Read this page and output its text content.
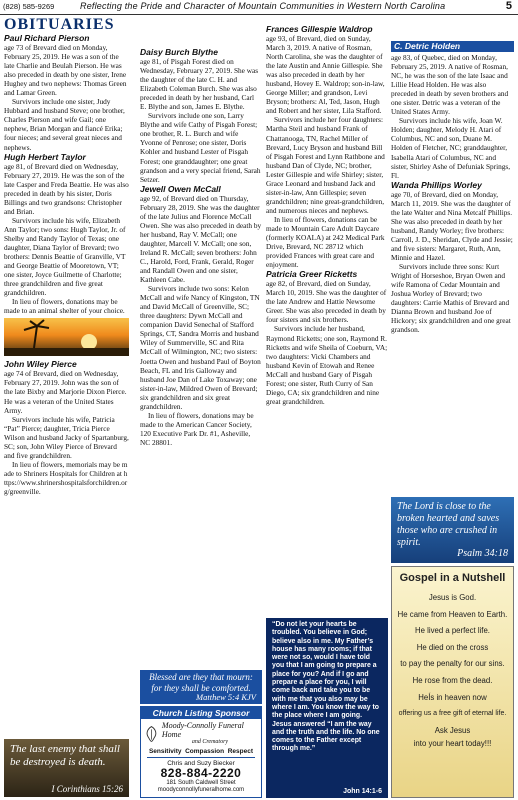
(828) 585-9269	Reflecting the Pride and Character of Mountain Communities in Western North Carolina	5
OBITUARIES

Paul Richard Pierson

age 73 of Brevard died on Monday, February 25, 2019. He was a son of the late Charlie and Beulah Pierson. He was also preceded in death by one sister, Irene Hughey and two nephews: Thomas Green and Lamar Green.

Survivors include one sister, Judy Hubbard and husband Steve; one brother, Charles Pierson and wife Gail; one nephew, Brian Morgan and fiancé Erika; four nieces; and several great nieces and nephews.

Hugh Herbert Taylor

age 81, of Brevard died on Wednesday, February 27, 2019. He was the son of the late Casper and Freda Beattie. He was also preceded in death by his sister, Doris Billings and two grandsons: Christopher and Brian.

Survivors include his wife, Elizabeth Ann Taylor; two sons: Hugh Taylor, Jr. of Shelby and Randy Taylor of Texas; one daughter, Diana Taylor of Brevard; two brothers: Dennis Beattie of Granville, VT and George Beattie of Mooretown, VT; one sister, Joyce Guilmette of Charlotte; three grandchildren and five great grandchildren.

In lieu of flowers, donations may be made to an animal shelter of your choice.

John Wiley Pierce

age 74 of Brevard, died on Wednesday, February 27, 2019. John was the son of the late Bixby and Marjorie Dixon Pierce. He was a veteran of the United States Army.

Survivors include his wife, Patricia “Pat” Pierce; daughter, Tricia Pierce Wilson and husband Jacky of Spartanburg, SC; son, John Wiley Pierce of Brevard and five grandchildren.

In lieu of flowers, memorials may be made to Shriners Hospitals for Children at https://www.shrinershospitalsforchildren.org/greenville.

The last enemy that shall be destroyed is death.
I Corinthians 15:26

Daisy Burch Blythe

age 81, of Pisgah Forest died on Wednesday, February 27, 2019. She was the daughter of the late C. H. and Elizabeth Coleman Burch. She was also preceded in death by her husband, Carl E. Blythe and son, James E. Blythe.

Survivors include one son, Larry Blythe and wife Cathy of Pisgah Forest; one brother, R. L. Burch and wife Yvonne of Penrose; one sister, Doris Kohler and husband Lester of Pisgah Forest; one granddaughter; one great grandson and a very special friend, Sarah Setzer.

Jewell Owen McCall

age 92, of Brevard died on Thursday, February 28, 2019. She was the daughter of the late Julius and Florence McCall Owen. She was also preceded in death by her husband, Ray V. McCall; one daughter, Marcell V. McCall; one son, Ireland R. McCall; seven brothers: John C., Harold, Ford, Frank, Gerald, Roger and Randall Owen and one sister, Kathleen Cabe.

Survivors include two sons: Kelon McCall and wife Nancy of Kingston, TN and David McCall of Greenville, SC; three daughters: Dywn McCall and companion David Senechal of Stafford Springs, CT, Sandra Morris and husband Wiley of Summerville, SC and Rita McCall of Wilmington, NC; two sisters: Joetta Owen and husband Paul of Boyton Beach, FL and Iris Galloway and husband Joe Dan of Lake Toxaway; one sister-in-law, Mildred Owen of Brevard; six grandchildren and six great grandchildren.

In lieu of flowers, donations may be made to the American Cancer Society, 120 Executive Park Dr. #1, Asheville, NC 28801.

Blessed are they that mourn: for they shall be comforted.
Matthew 5:4 KJV
Church Listing Sponsor
Moody-Connolly Funeral Home
and Crematory
Sensitivity  Compassion  Respect
Chris and Suzy Biecker
828-884-2220
181 South Caldwell Street
moodyconnollyfuneralhome.com

Frances Gillespie Waldrop

age 93, of Brevard, died on Sunday, March 3, 2019. A native of Rosman, North Carolina, she was the daughter of the late Austin and Annie Gillespie. She was also preceded in death by her husband, Hovey E. Waldrop; son-in-law, George Miller; and grandson, Levi Bryson; brothers: Al, Ted, Jason, Hugh and Robert and her sister, Lila Stafford.

Survivors include her four daughters: Martha Steil and husband Frank of Chattanooga, TN, Rachel Miller of Brevard, Lucy Bryson and husband Bill of Pisgah Forest and Lynn Rathbone and husband Dan of Clyde, NC; brother, Lester Gillespie and wife Shirley; sister, Grace Leonard and husband Jack and sister-in-law, Ann Gillespie; seven grandchildren; nine great-grandchildren, and numerous nieces and nephews.

In lieu of flowers, donations can be made to Mountain Care Adult Daycare (formerly KOALA) at 242 Medical Park Drive, Brevard, NC 28712 which provided Frances with great care and enjoyment.

Patricia Greer Ricketts

age 82, of Brevard, died on Sunday, March 10, 2019. She was the daughter of the late Andrew and Hattie Newsome Greer. She was also preceded in death by four sisters and six brothers.

Survivors include her husband, Raymond Ricketts; one son, Raymond R. Ricketts and wife Sheila of Coeburn, VA; two daughters: Vicki Chambers and husband Kevin of Etowah and Renee McCall and husband Gary of Pisgah Forest; one sister, Ruth Curry of San Diego, CA; six grandchildren and nine great grandchildren.

“Do not let your hearts be troubled. You believe in God; believe also in me. My Father’s house has many rooms; if that were not so, would I have told you that I am going to prepare a place for you? And if I go and prepare a place for you, I will come back and take you to be with me that you also may be where I am. You know the way to the place where I am going. Jesus answered “I am the way and the truth and the life. No one comes to the Father except through me.”
John 14:1-6
C. Detric Holden

age 83, of Quebec, died on Monday, February 25, 2019. A native of Rosman, NC, he was the son of the late Isaac and Lillie Head Holden. He was also preceded in death by seven brothers and one sister. Detric was a veteran of the United States Army.

Survivors include his wife, Joan W. Holden; daughter, Melody H. Atari of Columbus, NC and son, Duane M. Holden of Fletcher, NC; granddaughter, Isabella Atari of Columbus, NC and sister, Shirley Ashe of Defuniak Springs, Fl.

Wanda Phillips Worley

age 70, of Brevard, died on Monday, March 11, 2019. She was the daughter of the late Walter and Nina Metcalf Phillips. She was also preceded in death by her husband, Randy Worley; five brothers: Carroll, J. D., Sheridan, Clyde and Jessie; and five sisters: Margaret, Ruth, Ann, Minnie and Hazel.

Survivors include three sons: Kurt Wright of Horseshoe, Bryan Owen and wife Ramona of Cedar Mountain and Joshua Worley of Brevard; two daughters: Carrie Mathis of Brevard and Dianna Brown and husband Joe of Hickory; six grandchildren and one great grandson.

The Lord is close to the broken hearted and saves those who are crushed in spirit.
Psalm 34:18
Gospel in a Nutshell
Jesus is God.
He came from Heaven to Earth.
He lived a perfect life.
He died on the cross
to pay the penalty for our sins.
He rose from the dead.
HeÍs in heaven now
offering us a free gift of eternal life.
Ask Jesus
into your heart today!!!
